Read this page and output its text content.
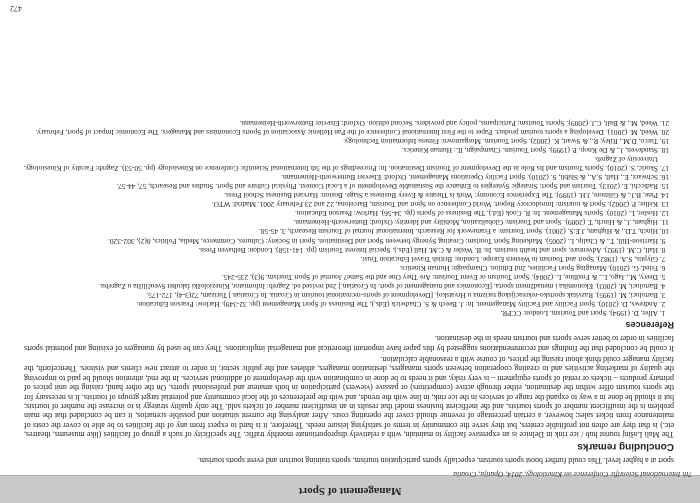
Management of Sport
7th International Scientific Conference on Kinesiology, 2014, Opatija, Croatia

sport at a higher level. This could further boost sports tourism, especially sports participation tourism, sports training tourism and event sports tourism.

Concluding remarks

The Mali Lošinj tourist hub / ice rink in Delnice is an expensive facility to maintain, with a relatively disproportionate monthly traffic. The specificity of such a group of facilities (like museums, theatres, etc.) is that they are often not profitable centers, but they serve the community in terms of satisfying leisure needs. Therefore, it is hard to expect from any of the facilities to be able to cover the costs of maintenance from ticket sales; however, a certain percentage of revenue should cover the operating costs. After analysing the current situation and possible scenarios, it can be concluded that the main problem is the insufficient number of sports tourists, and the inefficient business model that results in an insufficient number of tickets sold. The only quality strategy is to increase the number of tourists; but it should be done in a way to expand the range of services in the ice rink, in line with the trends, and with the preferences of the local community and potential target groups of tourists. It is necessary for the sports tourism offer within the destination, either through active (competitors) or passive (viewers) participation in both amateur and professional sports. On the other hand, raising the unit prices of primary products – tickets or rental of sports equipment – is very risky, and it needs to be done in combination with the development of additional services. In the end, attention should be paid to improving the quality of marketing activities and to creating cooperation between sports managers, destination managers, athletes and the public sector, in order to attract new clients and visitors. Thenceforth, the facility manager could think about raising the prices, of course with a reasonable calculation.

It could be concluded that the findings and recommendations suggested by this paper have important theoretical and managerial implications. They can be used by managers of existing and potential sports facilities in order to better serve sports and tourism needs in the destination.

References
1. Alfer, D. (1994). Sport and Tourism. London: CCPR.
2. Andrews, D. (2010). Sport Facility and Facility Management. In: J. Beech & S. Chadwick (Eds.), The Business of Sport Management (pp. 32-349). Harlow: Pearson Education.
3. Bartoluci, M. (1995). Razvitak sportsko-rekreacijskog turizma u Hrvatskoj. [Development of sports-recreational tourism in Croatia. In Croatian.] Turizam, 72(3-4), 172-175.
4. Bartoluci, M. (2003). Ekonomika i menadžment sporta. [Economics and management of sport. In Croatian.] 2nd revised ed. Zagreb: Informator, Kineziološki fakultet Sveučilišta u Zagrebu.
5. Deery, M., Jago, L., & Fredline, L. (2004). Sport Tourism or Event Tourism: Are They One and the Same? Journal of Sport Tourism, 9(3), 235-245.
6. Fried, G. (2010). Managing Sport Facilities, 2nd Edition. Champaign: Human Kinetics.
7. Glyptis, S.A. (1982). Sport and Tourism in Western Europe. London: British Travel Education Trust.
8. Hall, C.M. (1992). Adventure, sport and health tourism. In: B. Weiler & C.M. Hall (Eds.), Special Interest Tourism (pp. 141-158). London: Belhaven Press.
9. Harrison-Hill, T., & Chalip, L. (2005). Marketing Sport Tourism: Creating Synergy between Sport and Destination. Sport in Society: Cultures, Commerce, Media, Politics, 8(2), 302-320.
10. Hinch, T.D., & Higham, J.E.S. (2001). Sport Tourism: a Framework for Research. International Journal of Tourism Research, 3, 45-58.
11. Higham, J., & Hinch, T. (2009). Sport and Tourism: Globalization, Mobility and Identity. Oxford: Butterworth-Heinemann.
12. Hosler, L. (2010). Sports Management. In: R. Cook (Ed.), The Business of Sports (pp. 34-56). Harlow: Pearson Education.
13. Keller, P. (2002). Sport & tourism: Introductory Report. World Conference on Sport and Tourism, Barcelona, 22 and 23 February 2001. Madrid: WTO.
14. Pine, B.J., & Gilmore, J.H. (1999). The Experience Economy: Work is Theatre & Every Business a Stage. Boston: Harvard Business School Press.
15. Radicchi, E. (2013). Tourism and Sport: Strategic Synergies to Enhance the Sustainable Development of a Local Context. Physical Culture and Sport. Studies and Research, 57, 44-57.
16. Schwarz, E., Hall, S.A., & Shibli, S. (2010). Sport Facility Operations Management. Oxford: Elsevier Butterworth-Heinemann.
17. Škorić, S. (2010). Sports Tourism and Its Role in the Development of Tourism Destination. In: Proceedings of the 5th International Scientific Conference on Kinesiology (pp. 50-53). Zagreb: Faculty of Kinesiology, University of Zagreb.
18. Standeven, J., & De Knop, P. (1999). Sport Tourism. Champaign, IL: Human Kinetics.
19. Turco, D.M., Riley, R., & Swart, K. (2002). Sport Tourism. Morgantown: Fitness Information Technology.
20. Weed, M. (2001). Developing a sports tourism product. Paper to the First International Conference of the Pan Hellenic Association of Sports Economists and Managers, The Economic Impact of Sport, February.
21. Weed, M., & Bull, C.J. (2009). Sports Tourism: Participants, policy and providers. Second edition. Oxford: Elsevier Butterworth-Heinemann.
472
